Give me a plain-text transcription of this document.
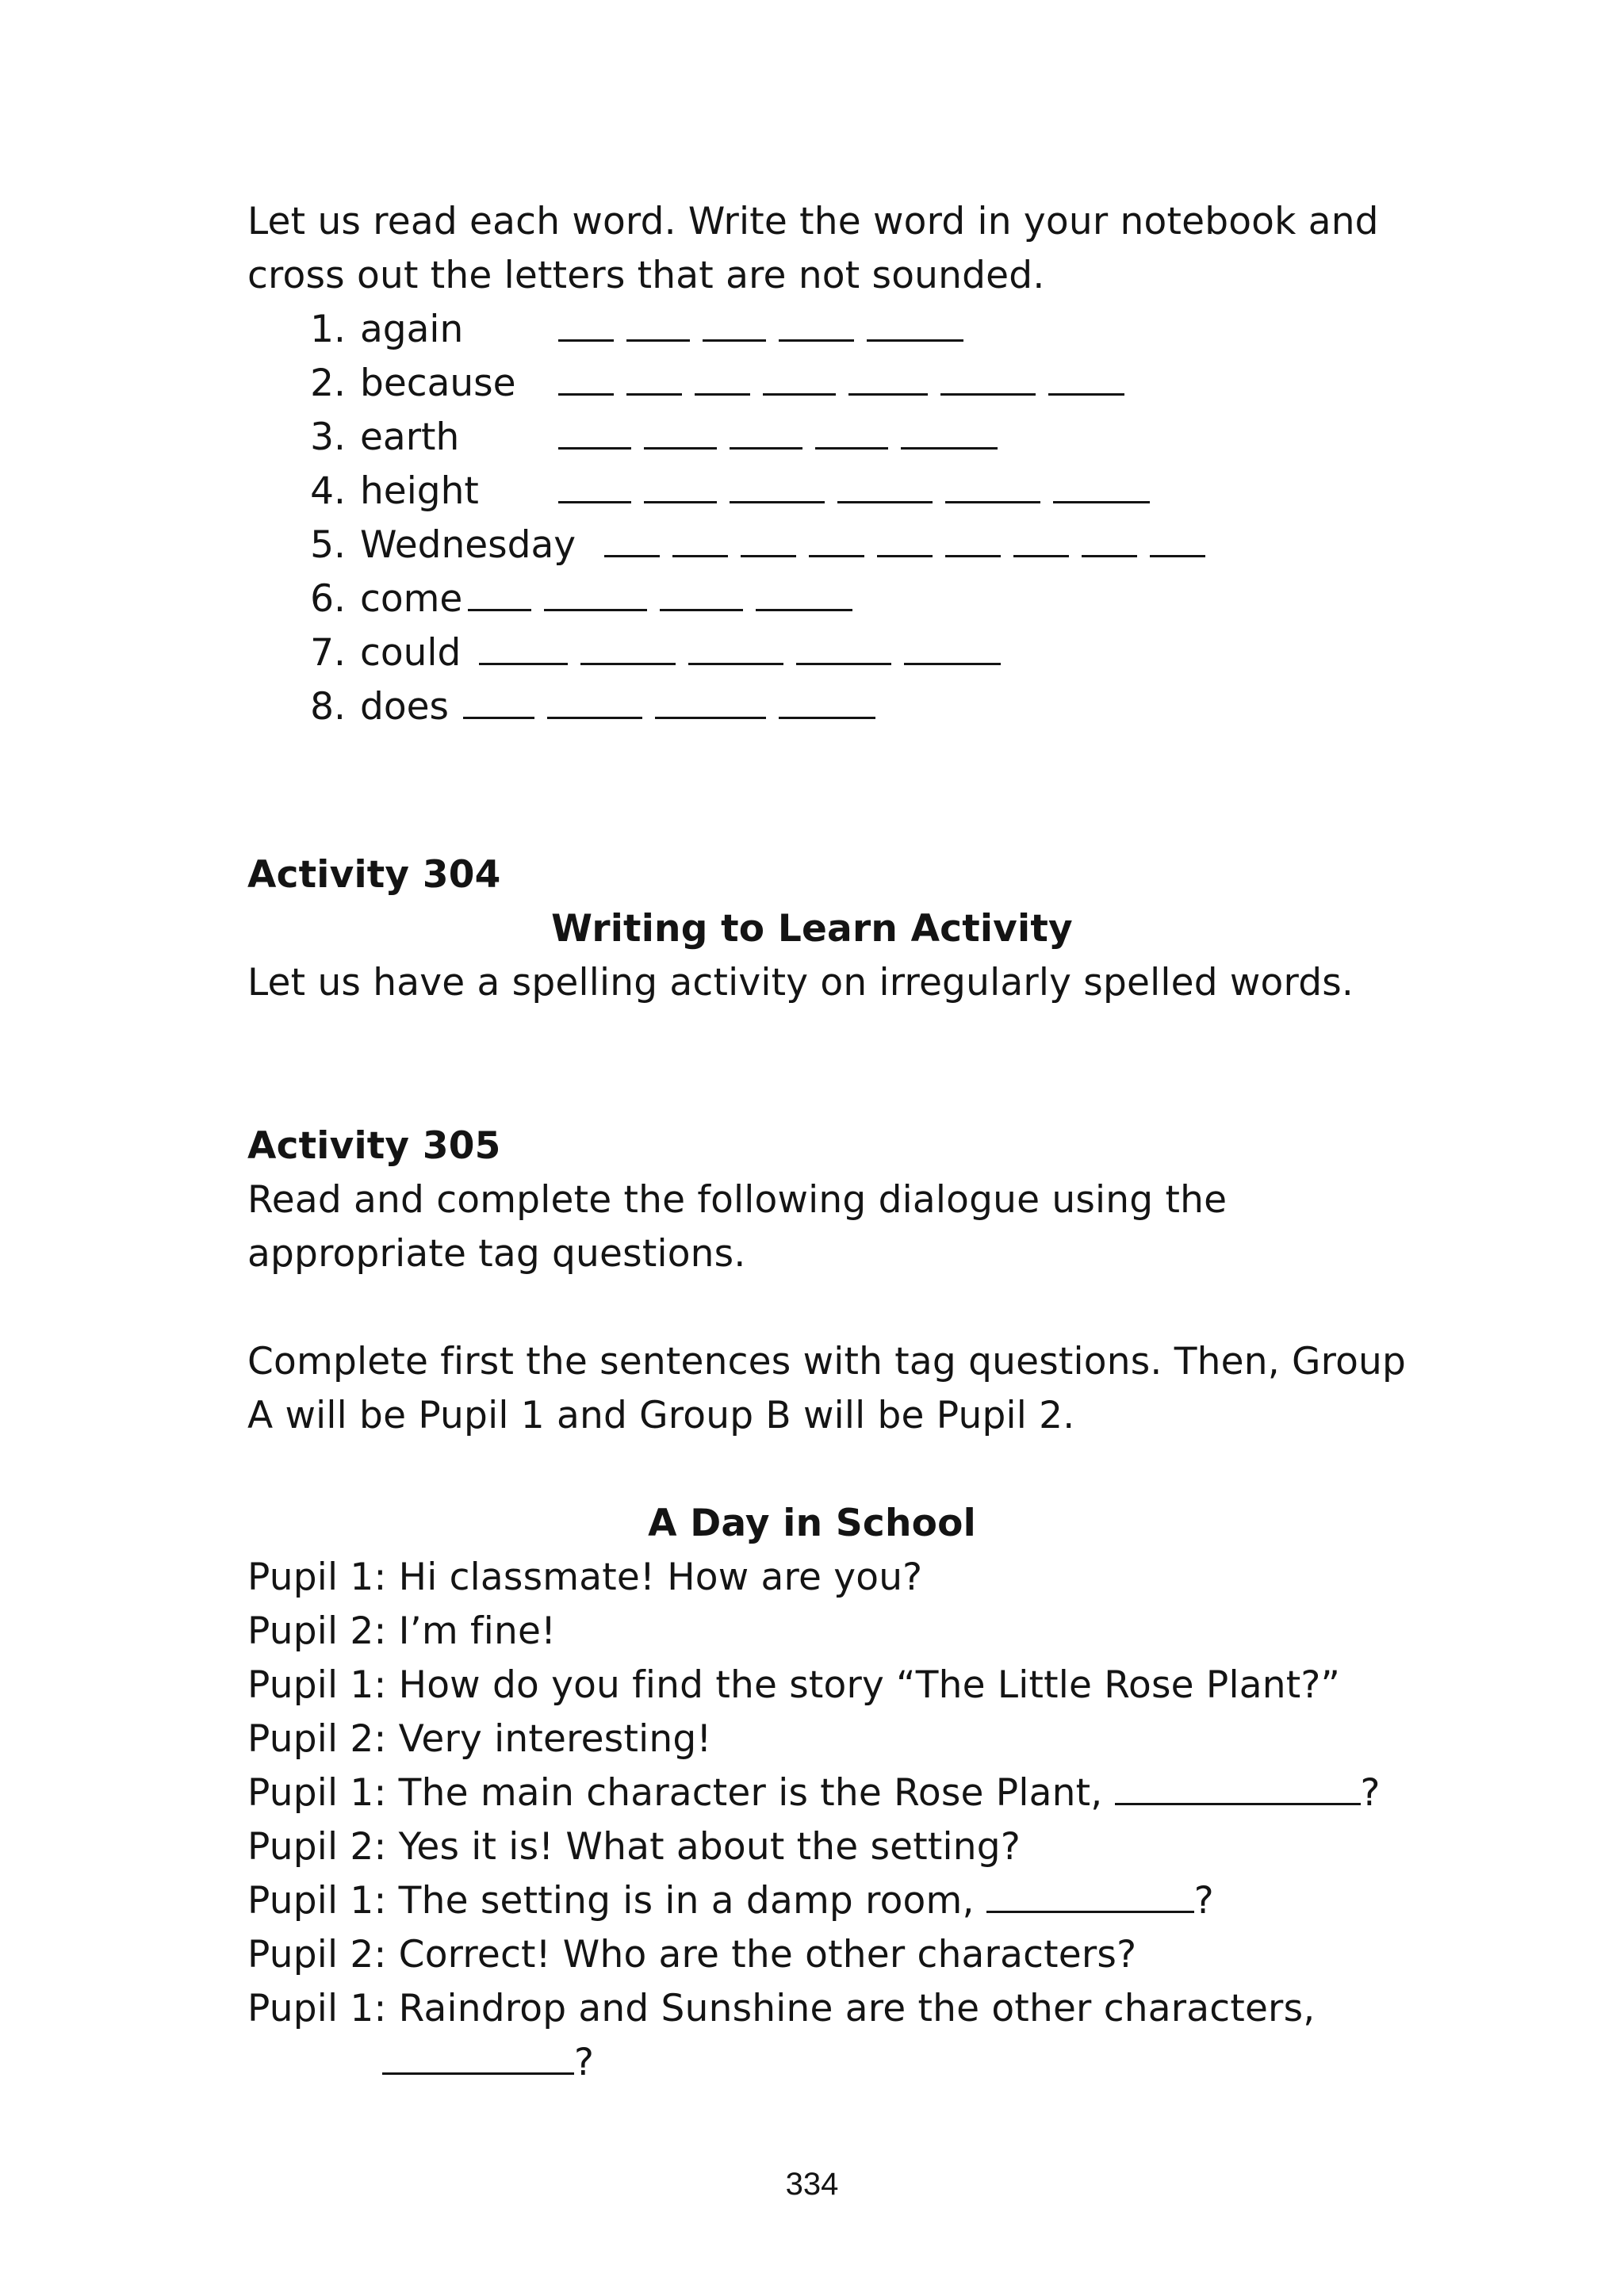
Let us read each word. Write the word in your notebook and
cross out the letters that are not sounded.
1. again
2. because
3. earth
4. height
5. Wednesday
6. come
7. could
8. does
Activity 304
Writing to Learn Activity
Let us have a spelling activity on irregularly spelled words.
Activity 305
Read and complete the following dialogue using the
appropriate tag questions.
Complete first the sentences with tag questions. Then, Group
A will be Pupil 1 and Group B will be Pupil 2.
A Day in School
Pupil 1: Hi classmate! How are you?
Pupil 2: I’m fine!
Pupil 1: How do you find the story “The Little Rose Plant?”
Pupil 2: Very interesting!
Pupil 1: The main character is the Rose Plant,	?
Pupil 2: Yes it is! What about the setting?
Pupil 1: The setting is in a damp room,	?
Pupil 2: Correct! Who are the other characters?
Pupil 1: Raindrop and Sunshine are the other characters,
?
334
